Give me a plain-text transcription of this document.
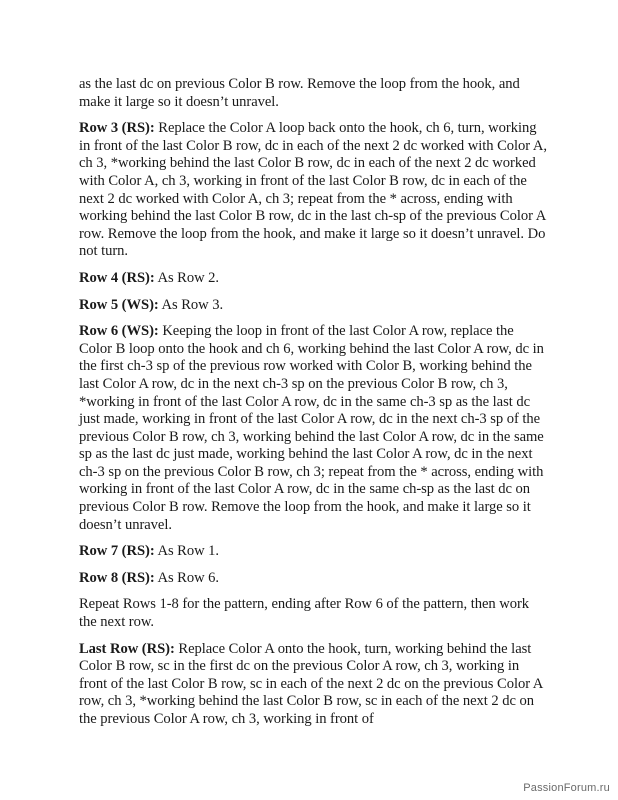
as the last dc on previous Color B row. Remove the loop from the hook, and make it large so it doesn’t unravel.

Row 3 (RS): Replace the Color A loop back onto the hook, ch 6, turn, working in front of the last Color B row, dc in each of the next 2 dc worked with Color A, ch 3, *working behind the last Color B row, dc in each of the next 2 dc worked with Color A, ch 3, working in front of the last Color B row, dc in each of the next 2 dc worked with Color A, ch 3; repeat from the * across, ending with working behind the last Color B row, dc in the last ch-sp of the previous Color A row. Remove the loop from the hook, and make it large so it doesn’t unravel. Do not turn.

Row 4 (RS): As Row 2.

Row 5 (WS): As Row 3.

Row 6 (WS): Keeping the loop in front of the last Color A row, replace the Color B loop onto the hook and ch 6, working behind the last Color A row, dc in the first ch-3 sp of the previous row worked with Color B, working behind the last Color A row, dc in the next ch-3 sp on the previous Color B row, ch 3, *working in front of the last Color A row, dc in the same ch-3 sp as the last dc just made, working in front of the last Color A row, dc in the next ch-3 sp of the previous Color B row, ch 3, working behind the last Color A row, dc in the same sp as the last dc just made, working behind the last Color A row, dc in the next ch-3 sp on the previous Color B row, ch 3; repeat from the * across, ending with working in front of the last Color A row, dc in the same ch-sp as the last dc on previous Color B row. Remove the loop from the hook, and make it large so it doesn’t unravel.

Row 7 (RS): As Row 1.

Row 8 (RS): As Row 6.

Repeat Rows 1-8 for the pattern, ending after Row 6 of the pattern, then work the next row.

Last Row (RS): Replace Color A onto the hook, turn, working behind the last Color B row, sc in the first dc on the previous Color A row, ch 3, working in front of the last Color B row, sc in each of the next 2 dc on the previous Color A row, ch 3, *working behind the last Color B row, sc in each of the next 2 dc on the previous Color A row, ch 3, working in front of

PassionForum.ru
